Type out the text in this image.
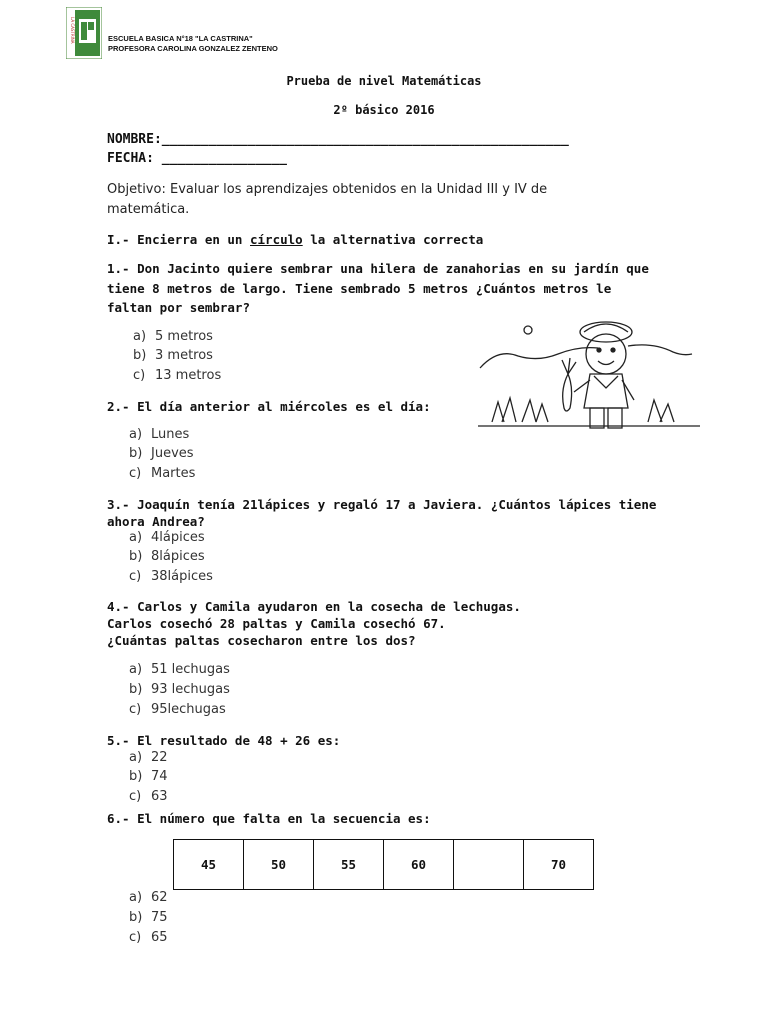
LA CASTRINA	ESCUELA BASICA N°18 "LA CASTRINA"
PROFESORA CAROLINA GONZALEZ ZENTENO
Prueba de nivel Matemáticas
2º básico 2016
NOMBRE:____________________________________________________
FECHA: ________________
Objetivo: Evaluar los aprendizajes obtenidos en la Unidad III y IV de matemática.
I.- Encierra en un círculo la alternativa correcta
1.- Don Jacinto quiere sembrar una hilera de zanahorias en su jardín que tiene 8 metros de largo. Tiene sembrado 5 metros ¿Cuántos metros le faltan por sembrar?
a) 5 metros
b) 3 metros
c) 13 metros
2.- El día anterior al miércoles es el día:
a) Lunes
b) Jueves
c) Martes
3.- Joaquín tenía 21lápices y regaló 17 a Javiera. ¿Cuántos lápices tiene ahora Andrea?
a) 4lápices
b) 8lápices
c) 38lápices
4.- Carlos y Camila ayudaron en la cosecha de lechugas.
Carlos cosechó 28 paltas y Camila cosechó 67.
¿Cuántas paltas cosecharon entre los dos?
a) 51 lechugas
b) 93 lechugas
c) 95lechugas
5.- El resultado de 48 + 26 es:
a) 22
b) 74
c) 63
6.- El número que falta en la secuencia es:
45	50	55	60		70
a) 62
b) 75
c) 65
